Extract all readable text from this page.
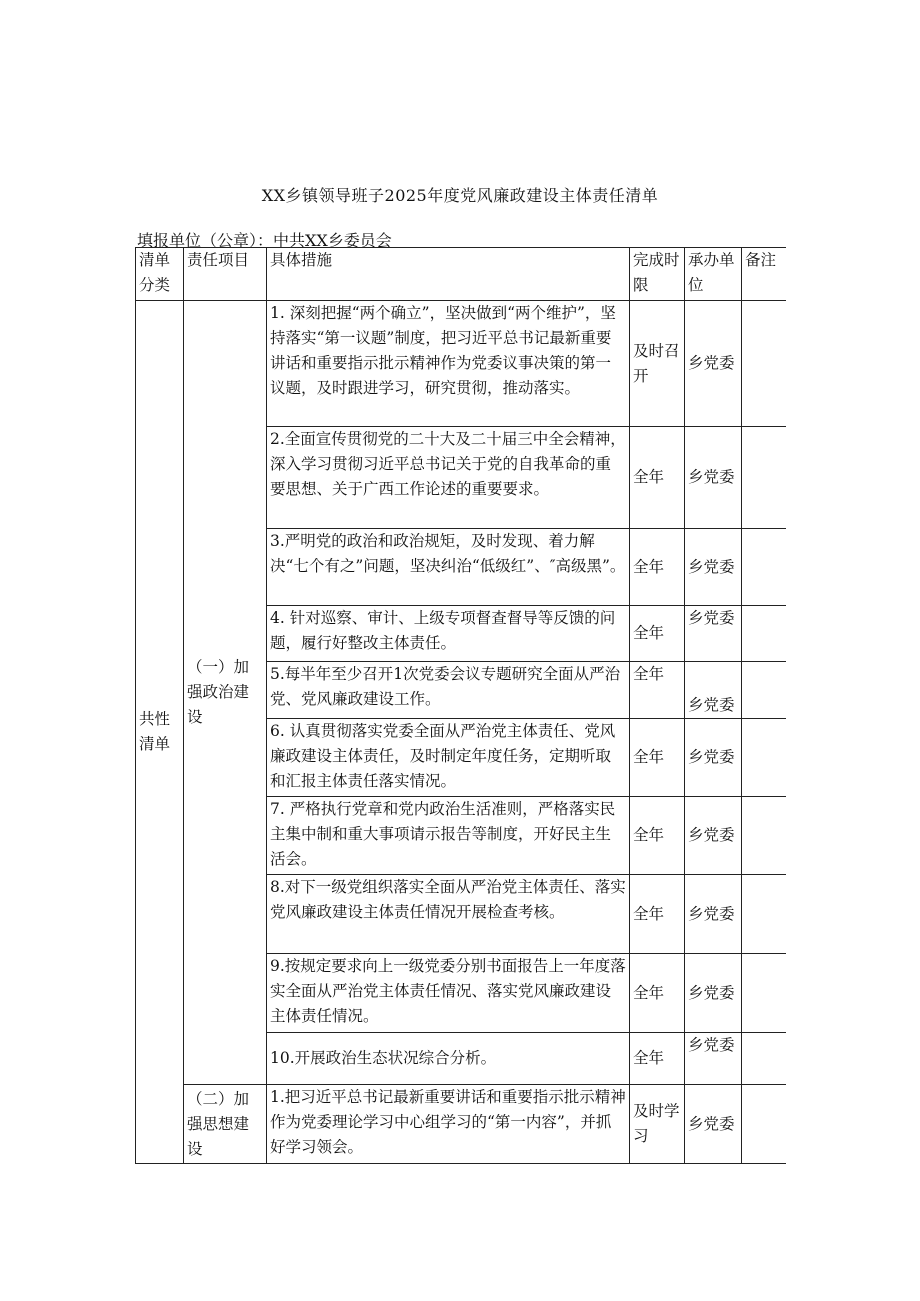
XX乡镇领导班子2025年度党风廉政建设主体责任清单
填报单位（公章）：中共XX乡委员会
清单分类	责任项目	具体措施	完成时限	承办单位	备注
共性清单	（一）加强政治建设	1. 深刻把握“两个确立”，坚决做到“两个维护”，坚持落实“第一议题”制度，把习近平总书记最新重要讲话和重要指示批示精神作为党委议事决策的第一议题，及时跟进学习，研究贯彻，推动落实。	及时召开	乡党委	
		2.全面宣传贯彻党的二十大及二十届三中全会精神，深入学习贯彻习近平总书记关于党的自我革命的重要思想、关于广西工作论述的重要要求。	全年	乡党委	
		3.严明党的政治和政治规矩，及时发现、着力解决“七个有之”问题，坚决纠治“低级红”、″高级黑”。	全年	乡党委	
		4. 针对巡察、审计、上级专项督查督导等反馈的问题，履行好整改主体责任。	全年	乡党委	
		5.每半年至少召开1次党委会议专题研究全面从严治党、党风廉政建设工作。	全年	乡党委	
		6. 认真贯彻落实党委全面从严治党主体责任、党风廉政建设主体责任，及时制定年度任务，定期听取和汇报主体责任落实情况。	全年	乡党委	
		7. 严格执行党章和党内政治生活准则，严格落实民主集中制和重大事项请示报告等制度，开好民主生活会。	全年	乡党委	
		8.对下一级党组织落实全面从严治党主体责任、落实党风廉政建设主体责任情况开展检查考核。	全年	乡党委	
		9.按规定要求向上一级党委分别书面报告上一年度落实全面从严治党主体责任情况、落实党风廉政建设主体责任情况。	全年	乡党委	
		10.开展政治生态状况综合分析。	全年	乡党委	
	（二）加强思想建设	1.把习近平总书记最新重要讲话和重要指示批示精神作为党委理论学习中心组学习的“第一内容”，并抓好学习领会。	及时学习	乡党委	
